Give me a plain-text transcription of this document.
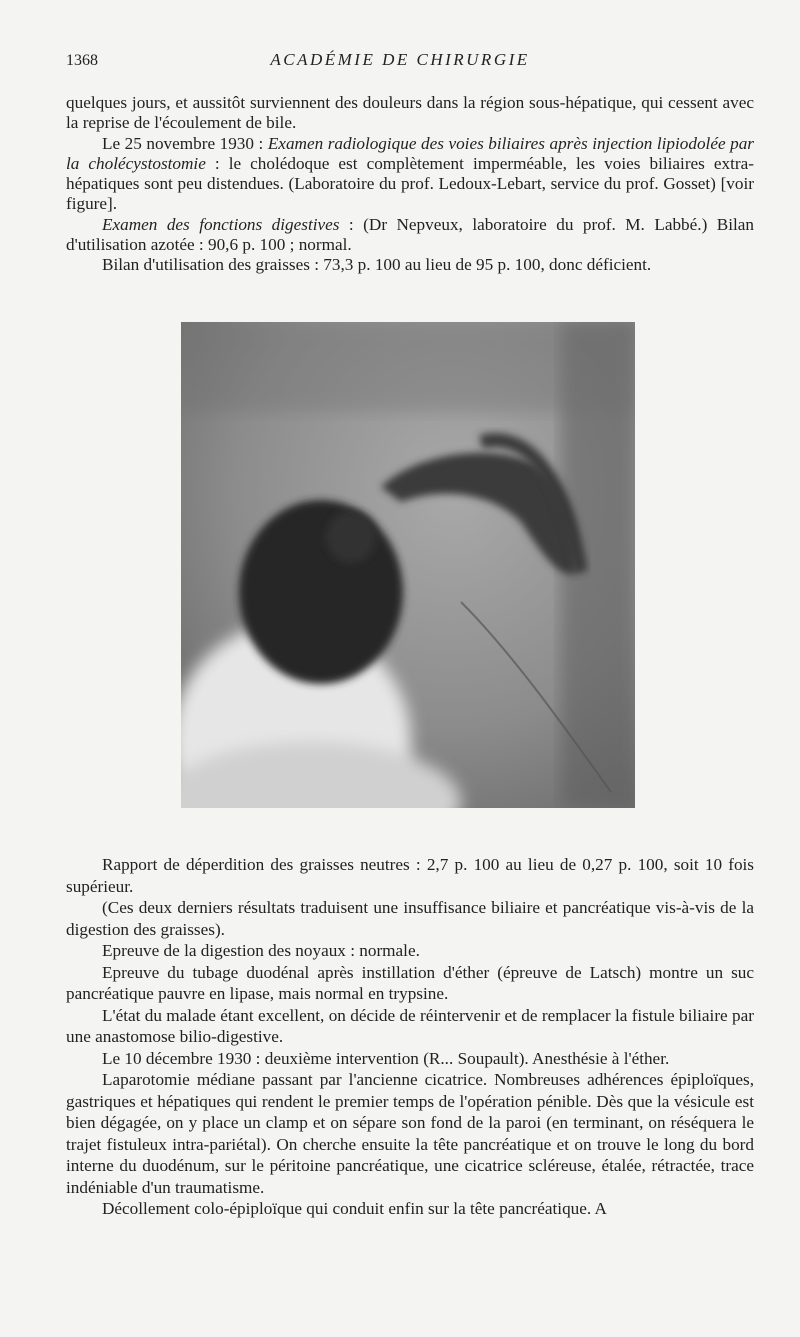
1368	ACADÉMIE DE CHIRURGIE

quelques jours, et aussitôt surviennent des douleurs dans la région sous-hépatique, qui cessent avec la reprise de l'écoulement de bile.

Le 25 novembre 1930 : Examen radiologique des voies biliaires après injection lipiodolée par la cholécystostomie : le cholédoque est complètement imperméable, les voies biliaires extra-hépatiques sont peu distendues. (Laboratoire du prof. Ledoux-Lebart, service du prof. Gosset) [voir figure].

Examen des fonctions digestives : (Dr Nepveux, laboratoire du prof. M. Labbé.) Bilan d'utilisation azotée : 90,6 p. 100 ; normal.

Bilan d'utilisation des graisses : 73,3 p. 100 au lieu de 95 p. 100, donc déficient.

Rapport de déperdition des graisses neutres : 2,7 p. 100 au lieu de 0,27 p. 100, soit 10 fois supérieur.

(Ces deux derniers résultats traduisent une insuffisance biliaire et pancréatique vis-à-vis de la digestion des graisses).

Epreuve de la digestion des noyaux : normale.

Epreuve du tubage duodénal après instillation d'éther (épreuve de Latsch) montre un suc pancréatique pauvre en lipase, mais normal en trypsine.

L'état du malade étant excellent, on décide de réintervenir et de remplacer la fistule biliaire par une anastomose bilio-digestive.

Le 10 décembre 1930 : deuxième intervention (R... Soupault). Anesthésie à l'éther.

Laparotomie médiane passant par l'ancienne cicatrice. Nombreuses adhérences épiploïques, gastriques et hépatiques qui rendent le premier temps de l'opération pénible. Dès que la vésicule est bien dégagée, on y place un clamp et on sépare son fond de la paroi (en terminant, on réséquera le trajet fistuleux intra-pariétal). On cherche ensuite la tête pancréatique et on trouve le long du bord interne du duodénum, sur le péritoine pancréatique, une cicatrice scléreuse, étalée, rétractée, trace indéniable d'un traumatisme.

Décollement colo-épiploïque qui conduit enfin sur la tête pancréatique. A
